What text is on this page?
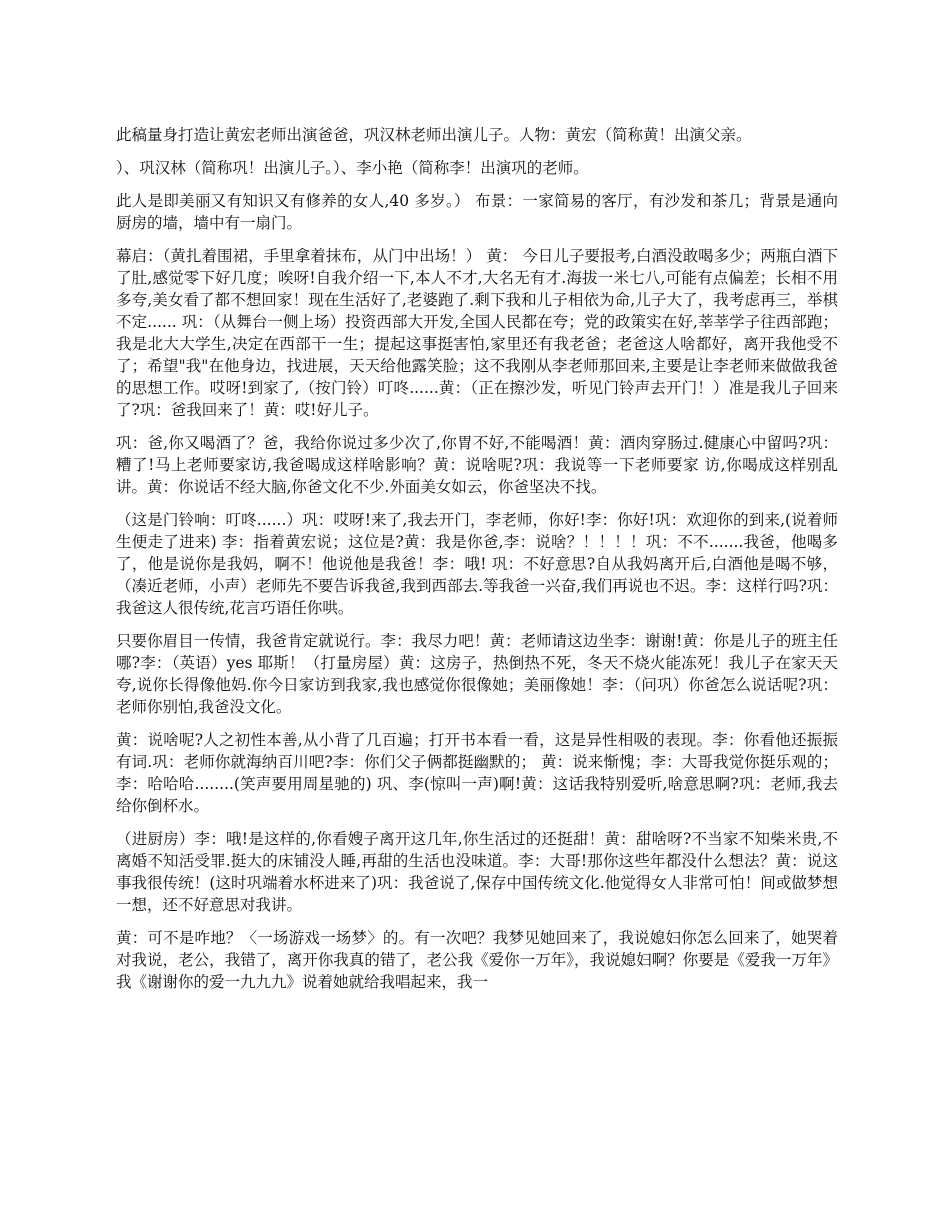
此稿量身打造让黄宏老师出演爸爸，巩汉林老师出演儿子。人物：黄宏（简称黄！出演父亲。

）、巩汉林（简称巩！出演儿子。）、李小艳（简称李！出演巩的老师。

此人是即美丽又有知识又有修养的女人,40 多岁。） 布景：一家简易的客厅，有沙发和茶几；背景是通向厨房的墙，墙中有一扇门。

幕启：（黄扎着围裙，手里拿着抹布，从门中出场！） 黄： 今日儿子要报考,白酒没敢喝多少；两瓶白酒下了肚,感觉零下好几度；唉呀!自我介绍一下,本人不才,大名无有才.海拔一米七八,可能有点偏差；长相不用多夸,美女看了都不想回家！现在生活好了,老婆跑了.剩下我和儿子相依为命,儿子大了，我考虑再三，举棋不定...... 巩：（从舞台一侧上场）投资西部大开发,全国人民都在夸；党的政策实在好,莘莘学子往西部跑；我是北大大学生,决定在西部干一生；提起这事挺害怕,家里还有我老爸；老爸这人啥都好，离开我他受不了；希望"我"在他身边，找进展，天天给他露笑脸；这不我刚从李老师那回来,主要是让李老师来做做我爸的思想工作。哎呀!到家了,（按门铃）叮咚......黄：（正在擦沙发，听见门铃声去开门！）准是我儿子回来了?巩：爸我回来了！黄：哎!好儿子。

巩：爸,你又喝酒了？爸，我给你说过多少次了,你胃不好,不能喝酒！黄：酒肉穿肠过.健康心中留吗?巩：糟了!马上老师要家访,我爸喝成这样啥影响？黄：说啥呢?巩：我说等一下老师要家 访,你喝成这样别乱讲。黄：你说话不经大脑,你爸文化不少.外面美女如云，你爸坚决不找。

（这是门铃响：叮咚......）巩：哎呀!来了,我去开门，李老师，你好!李：你好!巩：欢迎你的到来,(说着师生便走了进来) 李：指着黄宏说；这位是?黄：我是你爸,李：说啥？！！！！巩：不不.......我爸，他喝多了，他是说你是我妈，啊不！他说他是我爸！李：哦! 巩：不好意思?自从我妈离开后,白酒他是喝不够，（凑近老师，小声）老师先不要告诉我爸,我到西部去.等我爸一兴奋,我们再说也不迟。李：这样行吗?巩：我爸这人很传统,花言巧语任你哄。

只要你眉目一传情，我爸肯定就说行。李：我尽力吧！黄：老师请这边坐李：谢谢!黄：你是儿子的班主任哪?李：（英语）yes 耶斯！（打量房屋）黄：这房子，热倒热不死，冬天不烧火能冻死！我儿子在家天天夸,说你长得像他妈.你今日家访到我家,我也感觉你很像她；美丽像她！李：（问巩）你爸怎么说话呢?巩：老师你别怕,我爸没文化。

黄：说啥呢?人之初性本善,从小背了几百遍；打开书本看一看，这是异性相吸的表现。李：你看他还振振有词.巩：老师你就海纳百川吧?李：你们父子俩都挺幽默的； 黄：说来惭愧；李：大哥我觉你挺乐观的；李：哈哈哈........(笑声要用周星驰的) 巩、李(惊叫一声)啊!黄：这话我特别爱听,啥意思啊?巩：老师,我去给你倒杯水。

（进厨房）李：哦!是这样的,你看嫂子离开这几年,你生活过的还挺甜！黄：甜啥呀?不当家不知柴米贵,不离婚不知活受罪.挺大的床铺没人睡,再甜的生活也没味道。李：大哥!那你这些年都没什么想法？黄：说这事我很传统！(这时巩端着水杯进来了)巩：我爸说了,保存中国传统文化.他觉得女人非常可怕！间或做梦想一想，还不好意思对我讲。

黄：可不是咋地？〈一场游戏一场梦〉的。有一次吧？我梦见她回来了，我说媳妇你怎么回来了，她哭着对我说，老公，我错了，离开你我真的错了，老公我《爱你一万年》，我说媳妇啊？你要是《爱我一万年》我《谢谢你的爱一九九九》说着她就给我唱起来，我一
